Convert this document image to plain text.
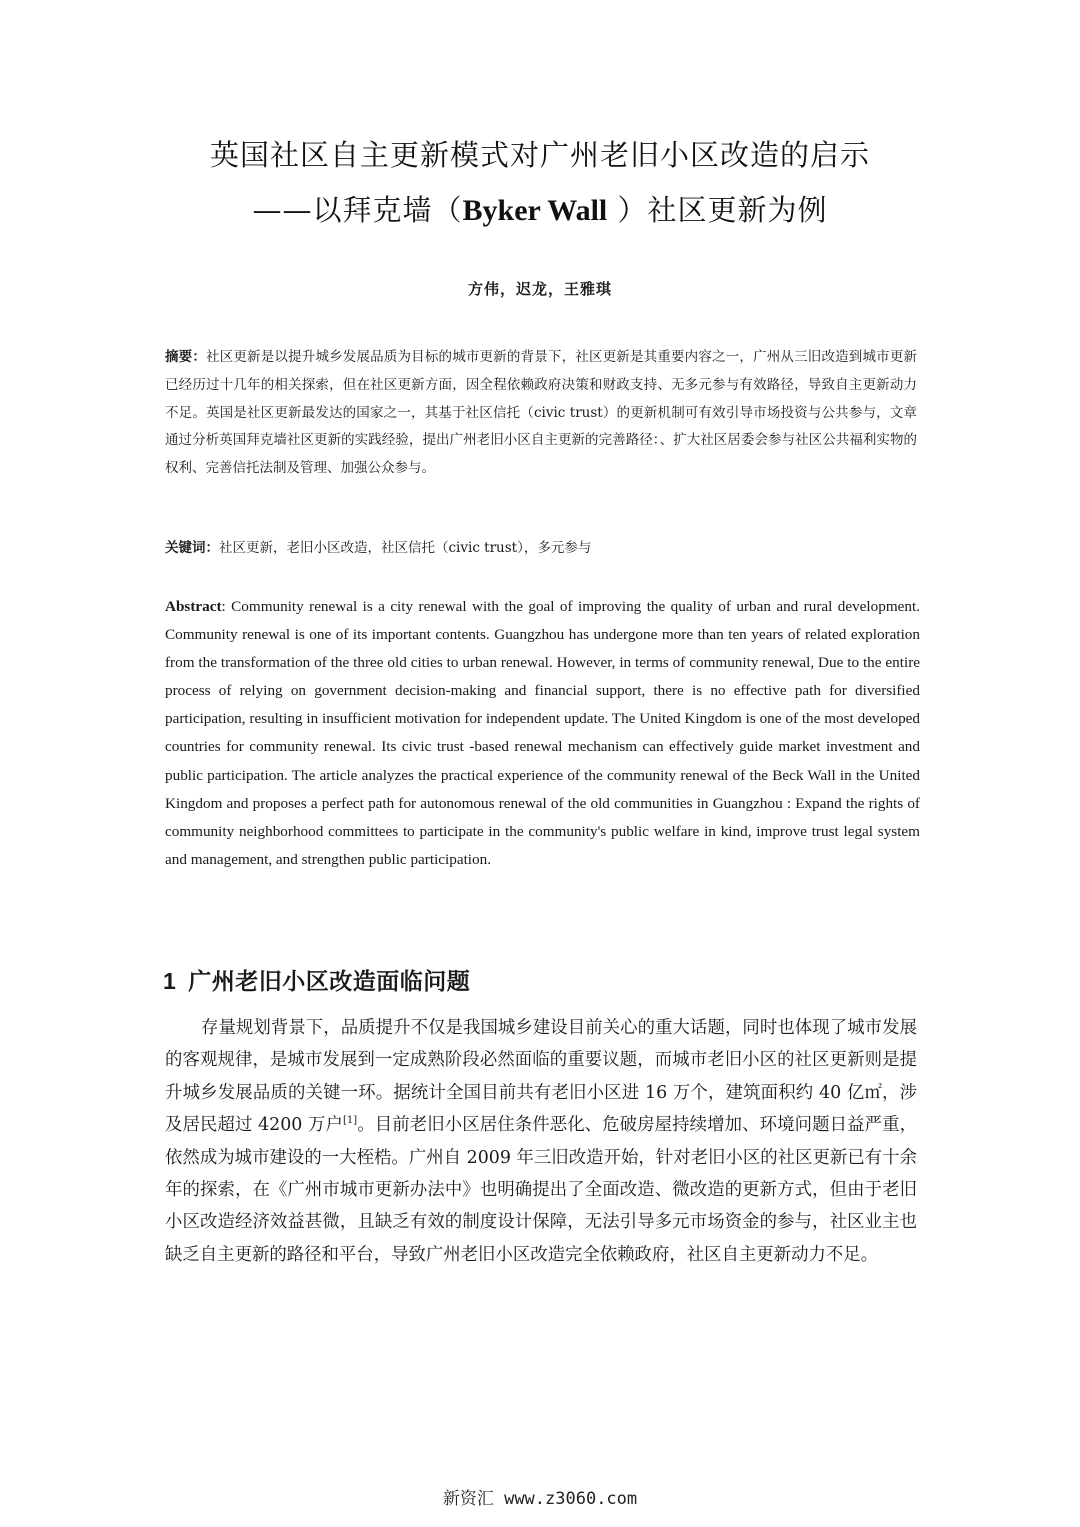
英国社区自主更新模式对广州老旧小区改造的启示
——以拜克墙（Byker Wall ）社区更新为例
方伟，迟龙，王雅琪
摘要：社区更新是以提升城乡发展品质为目标的城市更新的背景下，社区更新是其重要内容之一，广州从三旧改造到城市更新已经历过十几年的相关探索，但在社区更新方面，因全程依赖政府决策和财政支持、无多元参与有效路径，导致自主更新动力不足。英国是社区更新最发达的国家之一，其基于社区信托（civic trust）的更新机制可有效引导市场投资与公共参与，文章通过分析英国拜克墙社区更新的实践经验，提出广州老旧小区自主更新的完善路径：、扩大社区居委会参与社区公共福利实物的权利、完善信托法制及管理、加强公众参与。
关键词：社区更新，老旧小区改造，社区信托（civic trust），多元参与
Abstract: Community renewal is a city renewal with the goal of improving the quality of urban and rural development. Community renewal is one of its important contents. Guangzhou has undergone more than ten years of related exploration from the transformation of the three old cities to urban renewal. However, in terms of community renewal, Due to the entire process of relying on government decision-making and financial support, there is no effective path for diversified participation, resulting in insufficient motivation for independent update. The United Kingdom is one of the most developed countries for community renewal. Its civic trust -based renewal mechanism can effectively guide market investment and public participation. The article analyzes the practical experience of the community renewal of the Beck Wall in the United Kingdom and proposes a perfect path for autonomous renewal of the old communities in Guangzhou : Expand the rights of community neighborhood committees to participate in the community's public welfare in kind, improve trust legal system and management, and strengthen public participation.
1 广州老旧小区改造面临问题
存量规划背景下，品质提升不仅是我国城乡建设目前关心的重大话题，同时也体现了城市发展的客观规律，是城市发展到一定成熟阶段必然面临的重要议题，而城市老旧小区的社区更新则是提升城乡发展品质的关键一环。据统计全国目前共有老旧小区进 16 万个，建筑面积约 40 亿㎡，涉及居民超过 4200 万户[1]。目前老旧小区居住条件恶化、危破房屋持续增加、环境问题日益严重，依然成为城市建设的一大桎梏。广州自 2009 年三旧改造开始，针对老旧小区的社区更新已有十余年的探索，在《广州市城市更新办法中》也明确提出了全面改造、微改造的更新方式，但由于老旧小区改造经济效益甚微，且缺乏有效的制度设计保障，无法引导多元市场资金的参与，社区业主也缺乏自主更新的路径和平台，导致广州老旧小区改造完全依赖政府，社区自主更新动力不足。
新资汇 www.z3060.com
